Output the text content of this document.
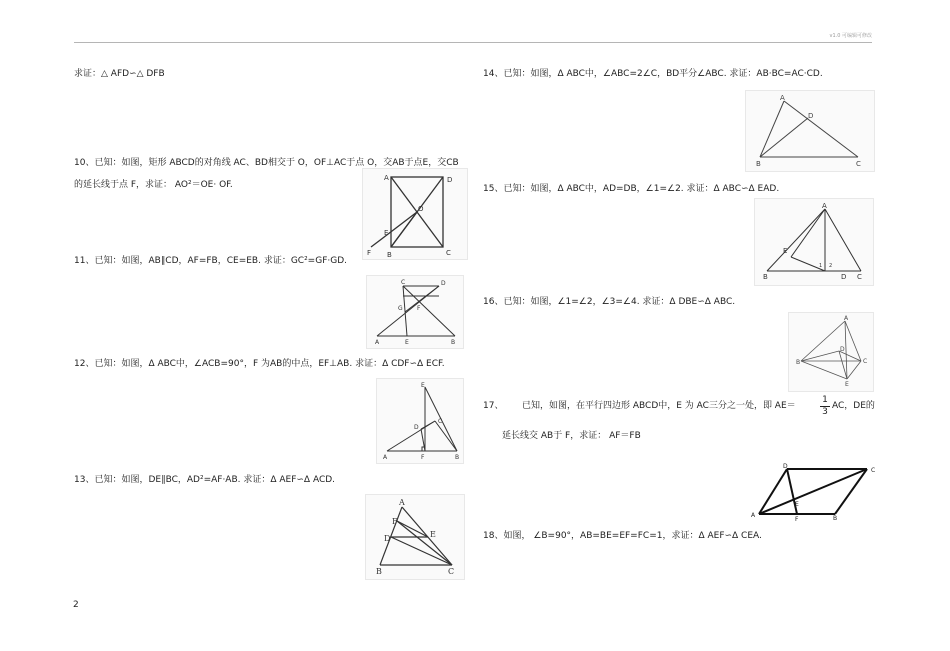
v1.0 可编辑可修改
求证：△ AFD∽△ DFB
10、已知：如图，矩形 ABCD的对角线 AC、BD相交于 O，OF⊥AC于点 O，交AB于点E，交CB
的延长线于点 F，求证： AO²＝OE· OF.
A	D
O
E
F B	C
11、已知：如图，AB∥CD，AF=FB，CE=EB. 求证：GC²=GF·GD.
C	D
G F
A	E	B
12、已知：如图，Δ ABC中，∠ACB=90°，F 为AB的中点，EF⊥AB. 求证：Δ CDF∽Δ ECF.
E
C
D
A	F	B
13、已知：如图，DE∥BC，AD²=AF·AB. 求证：Δ AEF∽Δ ACD.
A
F
D	E
B	C
2
14、已知：如图，Δ ABC中，∠ABC=2∠C，BD平分∠ABC. 求证：AB·BC=AC·CD.
A
D
B	C
15、已知：如图，Δ ABC中，AD=DB，∠1=∠2. 求证：Δ ABC∽Δ EAD.
A
E
B	D C
1 2
16、已知：如图，∠1=∠2，∠3=∠4. 求证：Δ DBE∽Δ ABC.
A
D
B	C
E
17、 已知，如图，在平行四边形 ABCD中，E 为 AC三分之一处，即 AE＝
1
3
AC，DE的
延长线交 AB于 F，求证： AF＝FB
D
C
E
A
F	B
18、如图， ∠B=90°，AB=BE=EF=FC=1，求证：Δ AEF∽Δ CEA.
